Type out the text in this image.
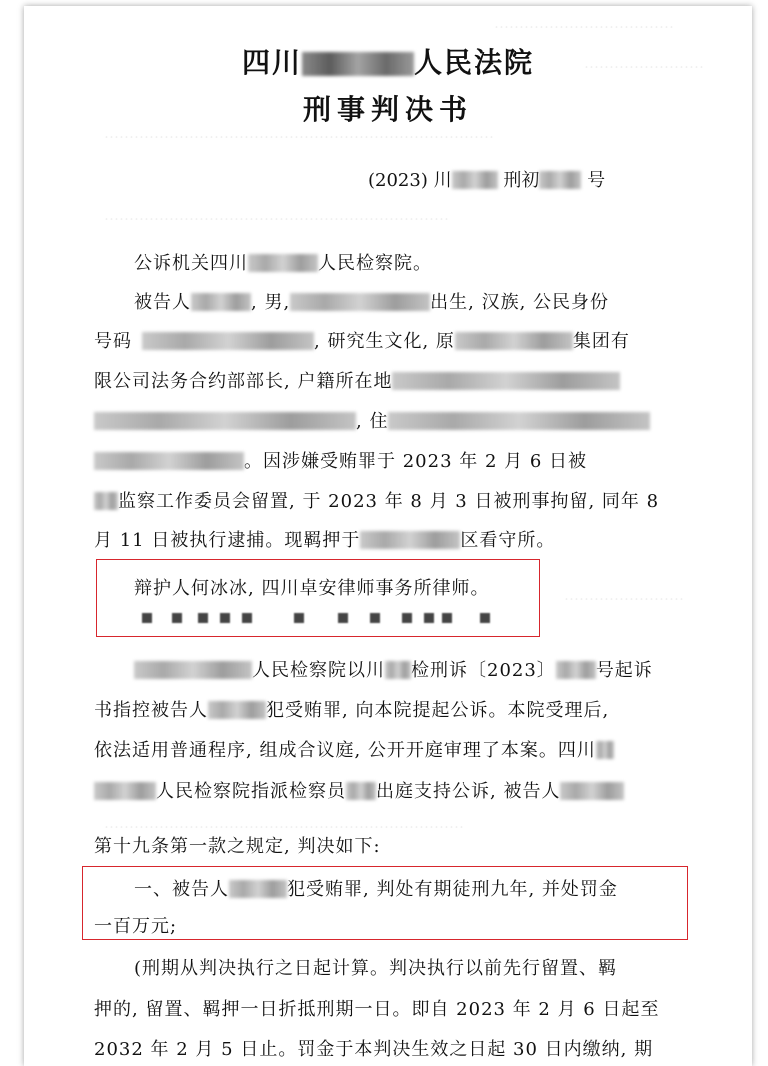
………………………………
……………………
……………………………………………………………………
……………………………………………………………
……………………
………………………………………………………………
四川	人民法院
刑事判决书
(2023) 川	刑初	号
公诉机关四川	人民检察院。
被告人	, 男,	出生, 汉族, 公民身份
号码	, 研究生文化, 原	集团有
限公司法务合约部部长, 户籍所在地
, 住
。因涉嫌受贿罪于 2023 年 2 月 6 日被
监察工作委员会留置, 于 2023 年 8 月 3 日被刑事拘留, 同年 8
月 11 日被执行逮捕。现羁押于	区看守所。
辩护人何冰冰, 四川卓安律师事务所律师。
人民检察院以川 检刑诉〔2023〕 号起诉
书指控被告人	犯受贿罪, 向本院提起公诉。本院受理后,
依法适用普通程序, 组成合议庭, 公开开庭审理了本案。四川
人民检察院指派检察员 出庭支持公诉, 被告人
第十九条第一款之规定, 判决如下:
一、被告人	犯受贿罪, 判处有期徒刑九年, 并处罚金
一百万元;
(刑期从判决执行之日起计算。判决执行以前先行留置、羁
押的, 留置、羁押一日折抵刑期一日。即自 2023 年 2 月 6 日起至
2032 年 2 月 5 日止。罚金于本判决生效之日起 30 日内缴纳, 期
